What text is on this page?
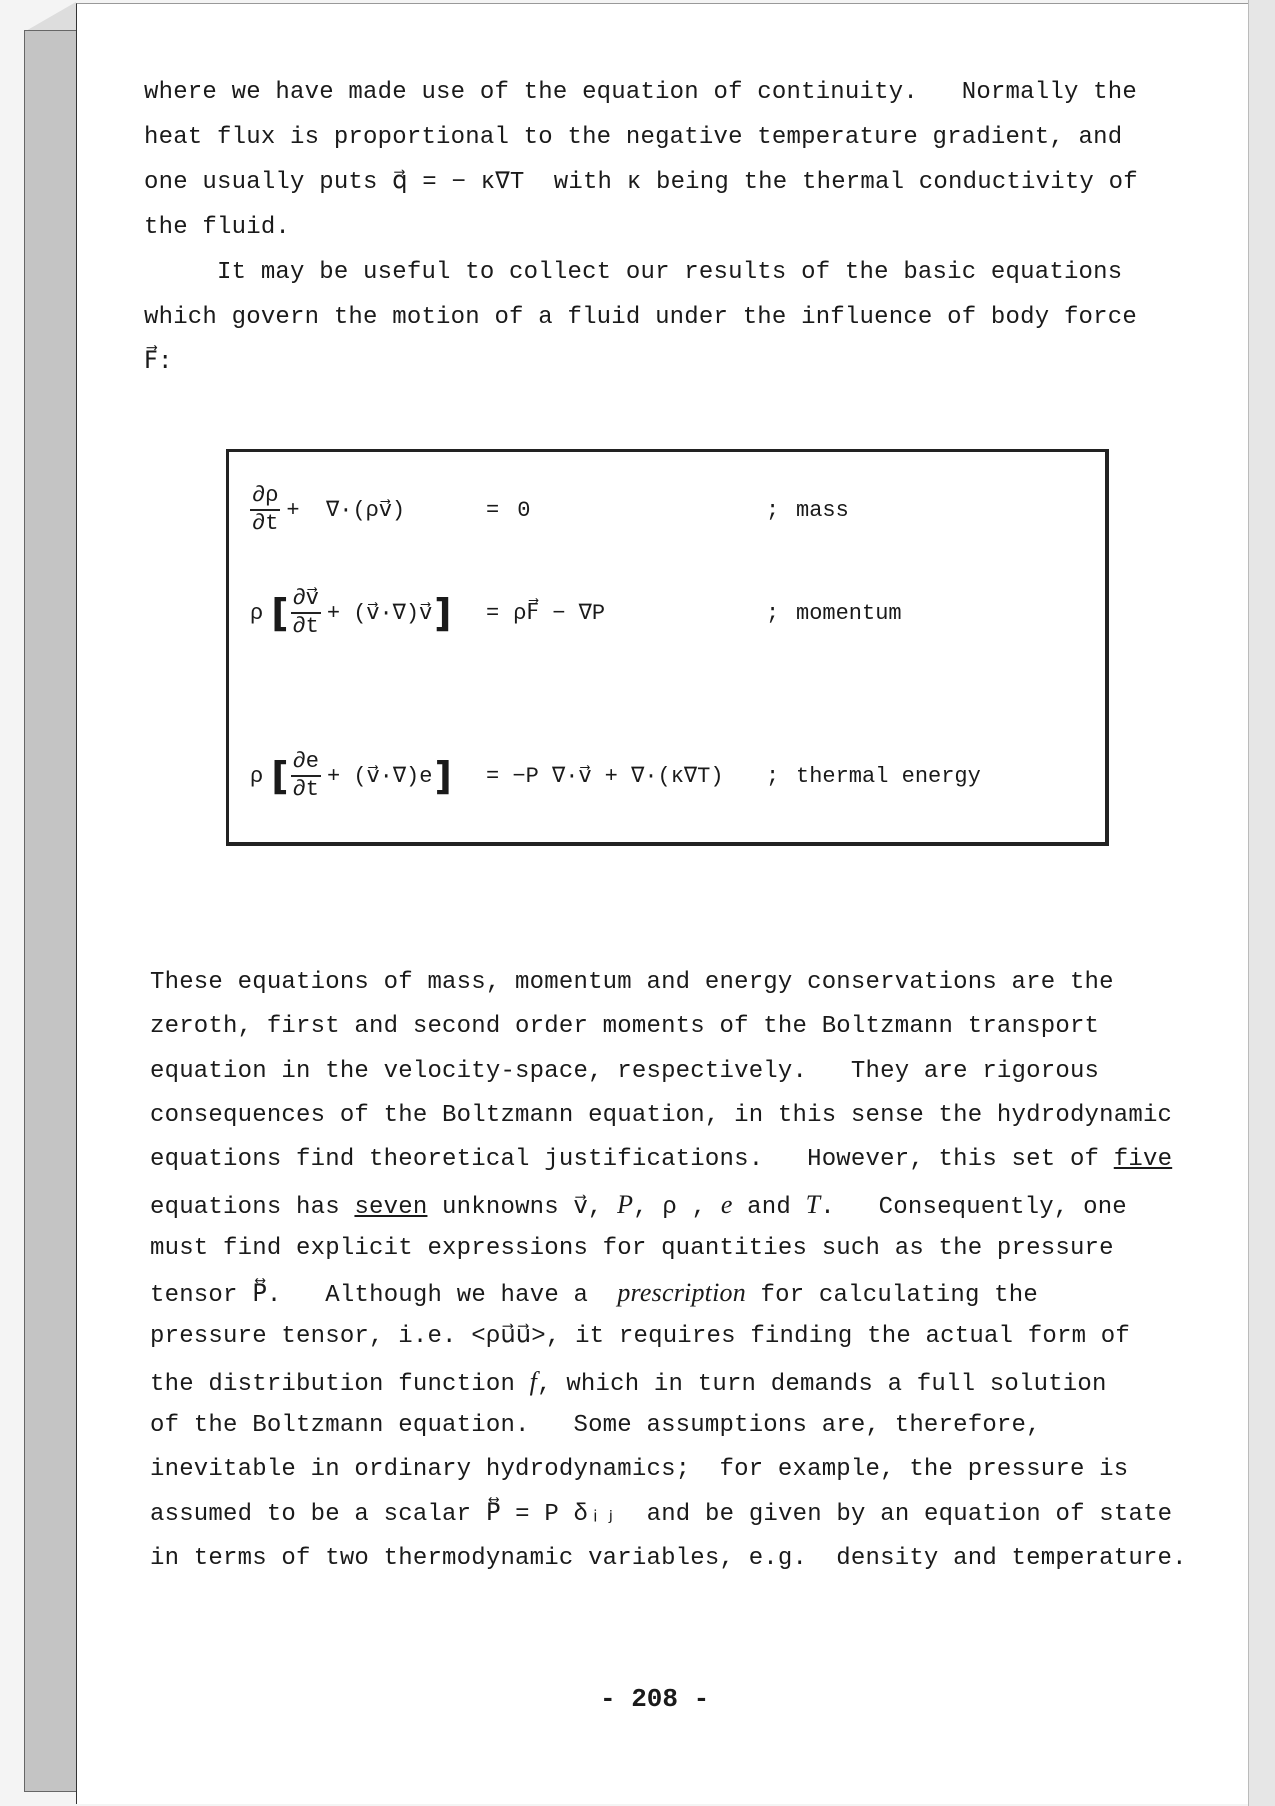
where we have made use of the equation of continuity.   Normally the
heat flux is proportional to the negative temperature gradient, and
one usually puts q⃗ = − κ∇T  with κ being the thermal conductivity of
the fluid.
It may be useful to collect our results of the basic equations
which govern the motion of a fluid under the influence of body force
F⃗:
These equations of mass, momentum and energy conservations are the
zeroth, first and second order moments of the Boltzmann transport
equation in the velocity-space, respectively.   They are rigorous
consequences of the Boltzmann equation, in this sense the hydrodynamic
equations find theoretical justifications.   However, this set of five
equations has seven unknowns v⃗, P, ρ , e and T.   Consequently, one
must find explicit expressions for quantities such as the pressure
tensor P⃡.   Although we have a  prescription for calculating the
pressure tensor, i.e. <ρu⃗u⃗>, it requires finding the actual form of
the distribution function f, which in turn demands a full solution
of the Boltzmann equation.   Some assumptions are, therefore,
inevitable in ordinary hydrodynamics;  for example, the pressure is
assumed to be a scalar P⃡ = P δᵢⱼ  and be given by an equation of state
in terms of two thermodynamic variables, e.g.  density and temperature.
$\frac{\partial\rho}{\partial t}$ +  ∇·(ρv⃗)	= 0	; mass
ρ [ $\frac{\partial v⃗}{\partial t}$ + (v⃗·∇)v⃗ ] = ρF⃗ − ∇P	; momentum
ρ [ $\frac{\partial e}{\partial t}$ + (v⃗·∇)e ] = −P ∇·v⃗ + ∇·(κ∇T) ; thermal energy
- 208 -
